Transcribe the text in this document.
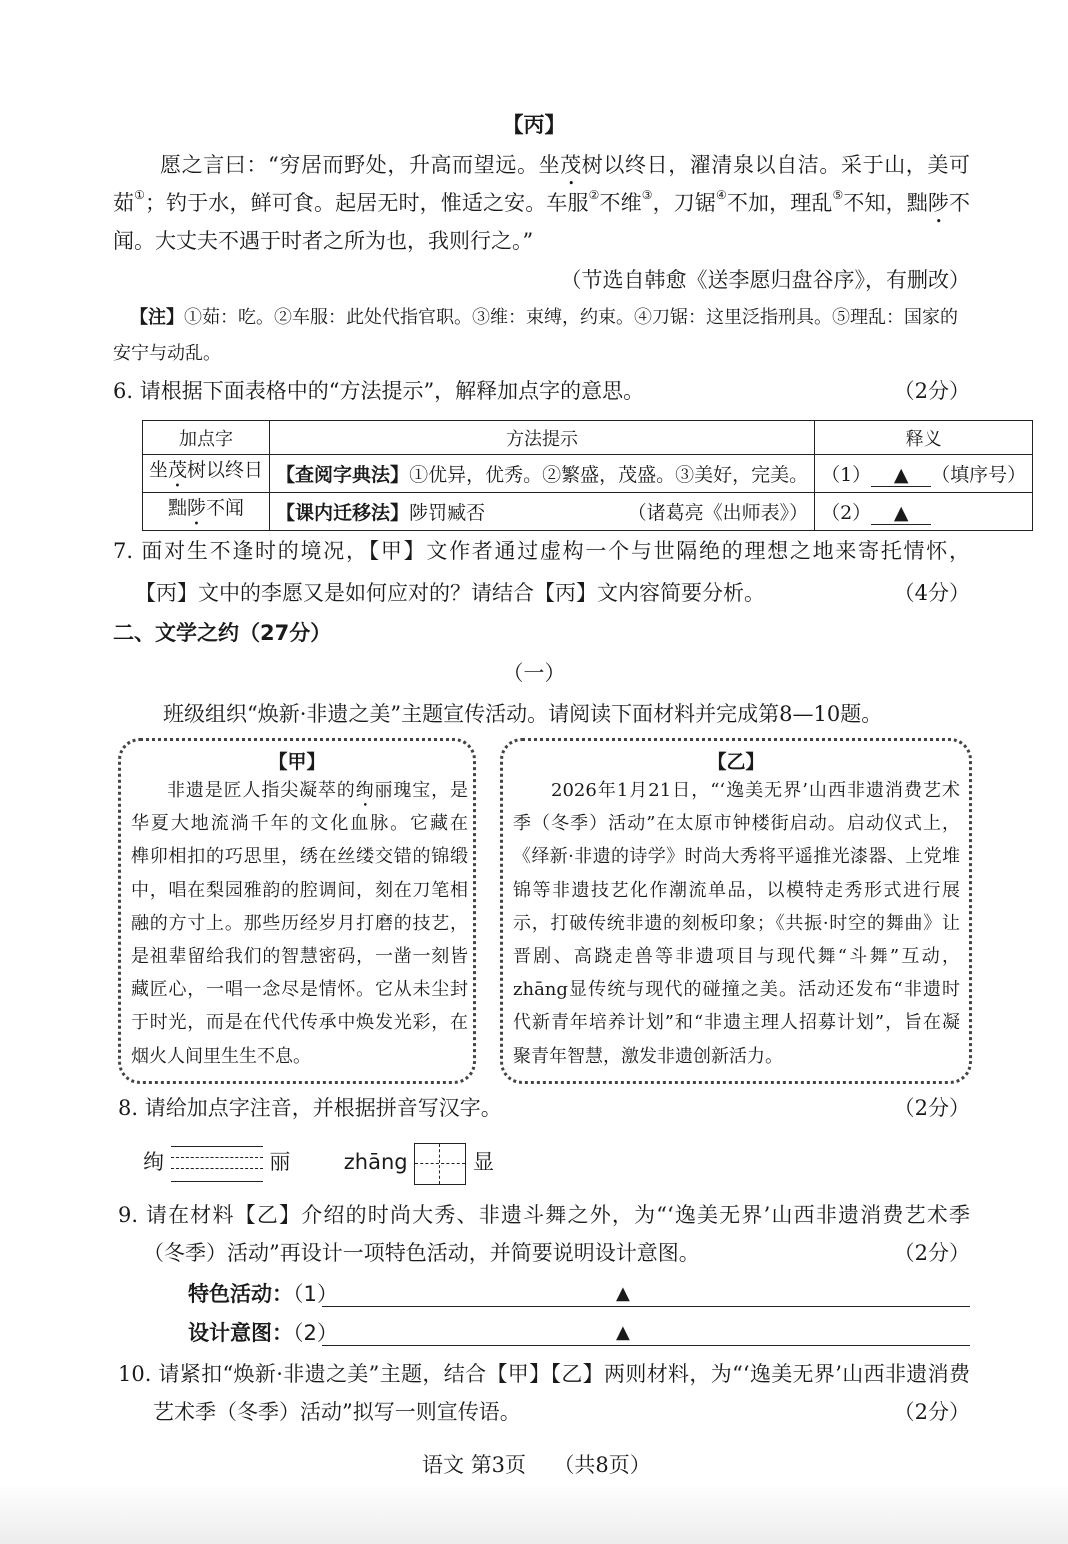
【丙】
愿之言曰：“穷居而野处，升高而望远。坐茂树以终日，濯清泉以自洁。采于山，美可
茹①；钓于水，鲜可食。起居无时，惟适之安。车服②不维③，刀锯④不加，理乱⑤不知，黜陟不
闻。大丈夫不遇于时者之所为也，我则行之。”
（节选自韩愈《送李愿归盘谷序》，有删改）
【注】①茹：吃。②车服：此处代指官职。③维：束缚，约束。④刀锯：这里泛指刑具。⑤理乱：国家的
安宁与动乱。
6. 请根据下面表格中的“方法提示”，解释加点字的意思。	（2分）
加点字	方法提示	释义
坐茂树以终日	【查阅字典法】①优异，优秀。②繁盛，茂盛。③美好，完美。	（1） ▲ （填序号）
黜陟不闻	【课内迁移法】陟罚臧否 （诸葛亮《出师表》）	（2） ▲
7. 面对生不逢时的境况，【甲】文作者通过虚构一个与世隔绝的理想之地来寄托情怀，
【丙】文中的李愿又是如何应对的？请结合【丙】文内容简要分析。	（4分）
二、文学之约（27分）
（一）
班级组织“焕新·非遗之美”主题宣传活动。请阅读下面材料并完成第8—10题。
【甲】
非遗是匠人指尖凝萃的绚丽瑰宝，是
华夏大地流淌千年的文化血脉。它藏在
榫卯相扣的巧思里，绣在丝缕交错的锦缎
中，唱在梨园雅韵的腔调间，刻在刀笔相
融的方寸上。那些历经岁月打磨的技艺，
是祖辈留给我们的智慧密码，一凿一刻皆
藏匠心，一唱一念尽是情怀。它从未尘封
于时光，而是在代代传承中焕发光彩，在
烟火人间里生生不息。
【乙】
2026年1月21日，“‘逸美无界’山西非遗消费艺术
季（冬季）活动”在太原市钟楼街启动。启动仪式上，
《绎新·非遗的诗学》时尚大秀将平遥推光漆器、上党堆
锦等非遗技艺化作潮流单品，以模特走秀形式进行展
示，打破传统非遗的刻板印象；《共振·时空的舞曲》让
晋剧、高跷走兽等非遗项目与现代舞“斗舞”互动，
zhāng显传统与现代的碰撞之美。活动还发布“非遗时
代新青年培养计划”和“非遗主理人招募计划”，旨在凝
聚青年智慧，激发非遗创新活力。
8. 请给加点字注音，并根据拼音写汉字。	（2分）
绚	丽	zhāng	显
9. 请在材料【乙】介绍的时尚大秀、非遗斗舞之外，为“‘逸美无界’山西非遗消费艺术季
（冬季）活动”再设计一项特色活动，并简要说明设计意图。	（2分）
特色活动：（1）	▲
设计意图：（2）	▲
10. 请紧扣“焕新·非遗之美”主题，结合【甲】【乙】两则材料，为“‘逸美无界’山西非遗消费
艺术季（冬季）活动”拟写一则宣传语。	（2分）
语文 第3页 （共8页）
